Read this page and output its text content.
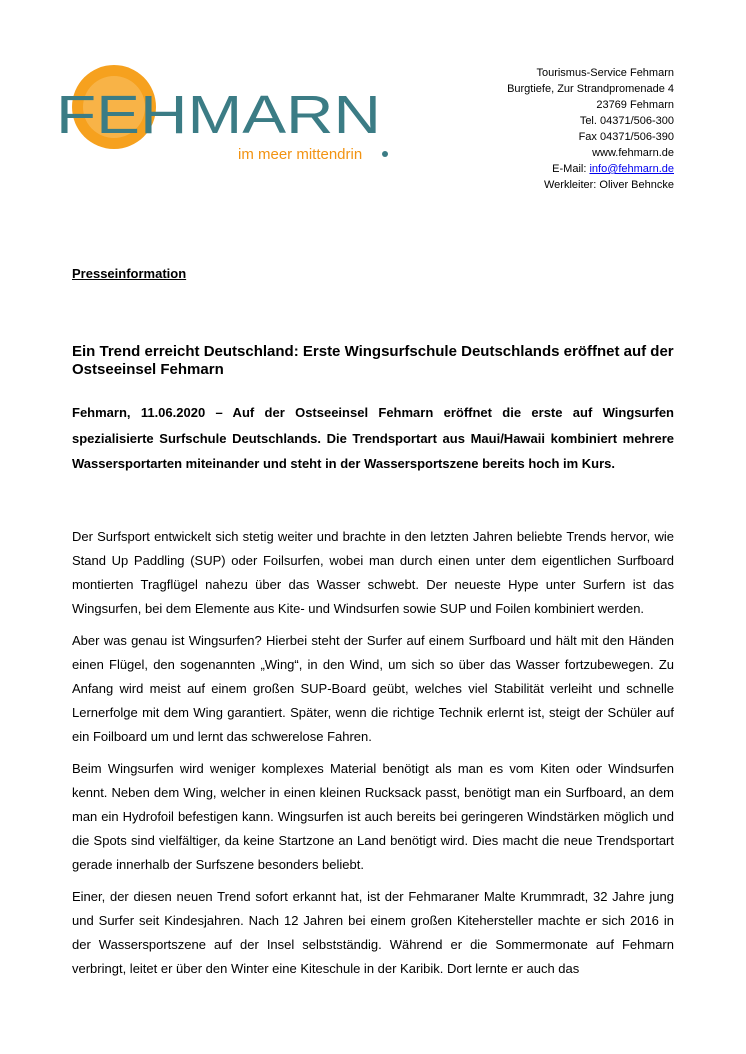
FEHMARN
im meer mittendrin
Tourismus-Service Fehmarn
Burgtiefe, Zur Strandpromenade 4
23769 Fehmarn
Tel. 04371/506-300
Fax 04371/506-390
www.fehmarn.de
E-Mail: info@fehmarn.de
Werkleiter: Oliver Behncke
Presseinformation
Ein Trend erreicht Deutschland: Erste Wingsurfschule Deutschlands eröffnet auf der Ostseeinsel Fehmarn

Fehmarn, 11.06.2020 – Auf der Ostseeinsel Fehmarn eröffnet die erste auf Wingsurfen spezialisierte Surfschule Deutschlands. Die Trendsportart aus Maui/Hawaii kombiniert mehrere Wassersportarten miteinander und steht in der Wassersportszene bereits hoch im Kurs.

Der Surfsport entwickelt sich stetig weiter und brachte in den letzten Jahren beliebte Trends hervor, wie Stand Up Paddling (SUP) oder Foilsurfen, wobei man durch einen unter dem eigentlichen Surfboard montierten Tragflügel nahezu über das Wasser schwebt. Der neueste Hype unter Surfern ist das Wingsurfen, bei dem Elemente aus Kite- und Windsurfen sowie SUP und Foilen kombiniert werden.

Aber was genau ist Wingsurfen? Hierbei steht der Surfer auf einem Surfboard und hält mit den Händen einen Flügel, den sogenannten „Wing“, in den Wind, um sich so über das Wasser fortzubewegen. Zu Anfang wird meist auf einem großen SUP-Board geübt, welches viel Stabilität verleiht und schnelle Lernerfolge mit dem Wing garantiert. Später, wenn die richtige Technik erlernt ist, steigt der Schüler auf ein Foilboard um und lernt das schwerelose Fahren.

Beim Wingsurfen wird weniger komplexes Material benötigt als man es vom Kiten oder Windsurfen kennt. Neben dem Wing, welcher in einen kleinen Rucksack passt, benötigt man ein Surfboard, an dem man ein Hydrofoil befestigen kann. Wingsurfen ist auch bereits bei geringeren Windstärken möglich und die Spots sind vielfältiger, da keine Startzone an Land benötigt wird. Dies macht die neue Trendsportart gerade innerhalb der Surfszene besonders beliebt.

Einer, der diesen neuen Trend sofort erkannt hat, ist der Fehmaraner Malte Krummradt, 32 Jahre jung und Surfer seit Kindesjahren. Nach 12 Jahren bei einem großen Kitehersteller machte er sich 2016 in der Wassersportszene auf der Insel selbstständig. Während er die Sommermonate auf Fehmarn verbringt, leitet er über den Winter eine Kiteschule in der Karibik. Dort lernte er auch das
